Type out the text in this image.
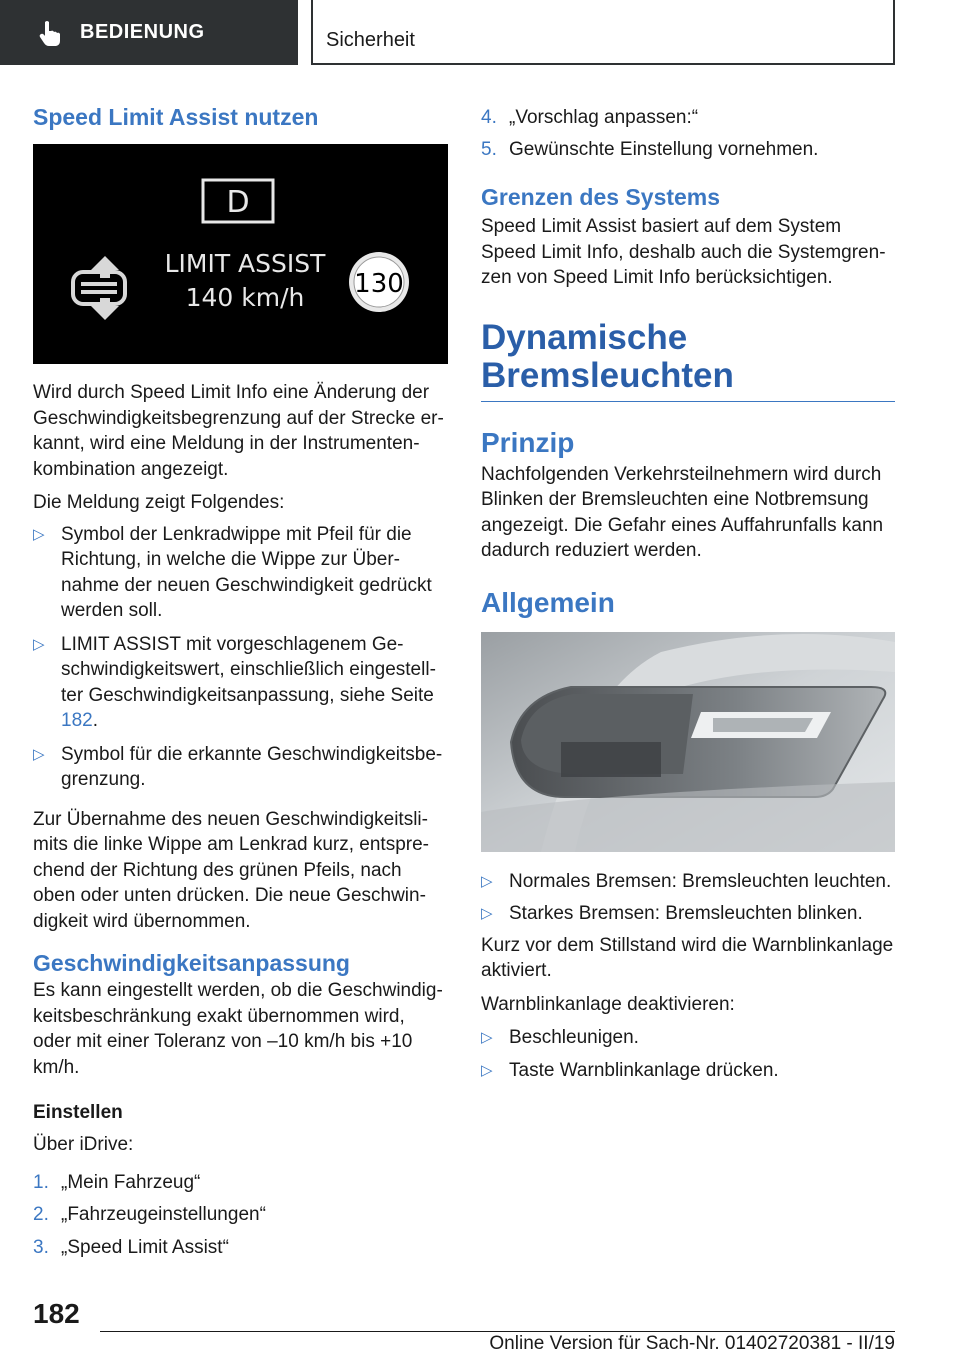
BEDIENUNG	Sicherheit
Speed Limit Assist nutzen
D
LIMIT ASSIST
140 km/h 130

Wird durch Speed Limit Info eine Änderung der Geschwindigkeitsbegrenzung auf der Strecke erkannt, wird eine Meldung in der Instrumentenkombination angezeigt.

Die Meldung zeigt Folgendes:

▷ Symbol der Lenkradwippe mit Pfeil für die Richtung, in welche die Wippe zur Übernahme der neuen Geschwindigkeit gedrückt werden soll.
▷ LIMIT ASSIST mit vorgeschlagenem Geschwindigkeitswert, einschließlich eingestellter Geschwindigkeitsanpassung, siehe Seite 182.
▷ Symbol für die erkannte Geschwindigkeitsbegrenzung.

Zur Übernahme des neuen Geschwindigkeitslimits die linke Wippe am Lenkrad kurz, entsprechend der Richtung des grünen Pfeils, nach oben oder unten drücken. Die neue Geschwindigkeit wird übernommen.

Geschwindigkeitsanpassung

Es kann eingestellt werden, ob die Geschwindigkeitsbeschränkung exakt übernommen wird, oder mit einer Toleranz von –10 km/h bis +10 km/h.

Einstellen

Über iDrive:

1. „Mein Fahrzeug“
2. „Fahrzeugeinstellungen“
3. „Speed Limit Assist“
4. „Vorschlag anpassen:“
5. Gewünschte Einstellung vornehmen.
Grenzen des Systems

Speed Limit Assist basiert auf dem System Speed Limit Info, deshalb auch die Systemgrenzen von Speed Limit Info berücksichtigen.

Dynamische
Bremsleuchten
Prinzip

Nachfolgenden Verkehrsteilnehmern wird durch Blinken der Bremsleuchten eine Notbremsung angezeigt. Die Gefahr eines Auffahrunfalls kann dadurch reduziert werden.

Allgemein
▷ Normales Bremsen: Bremsleuchten leuchten.
▷ Starkes Bremsen: Bremsleuchten blinken.

Kurz vor dem Stillstand wird die Warnblinkanlage aktiviert.

Warnblinkanlage deaktivieren:

▷ Beschleunigen.
▷ Taste Warnblinkanlage drücken.
182
Online Version für Sach-Nr. 01402720381 - II/19
